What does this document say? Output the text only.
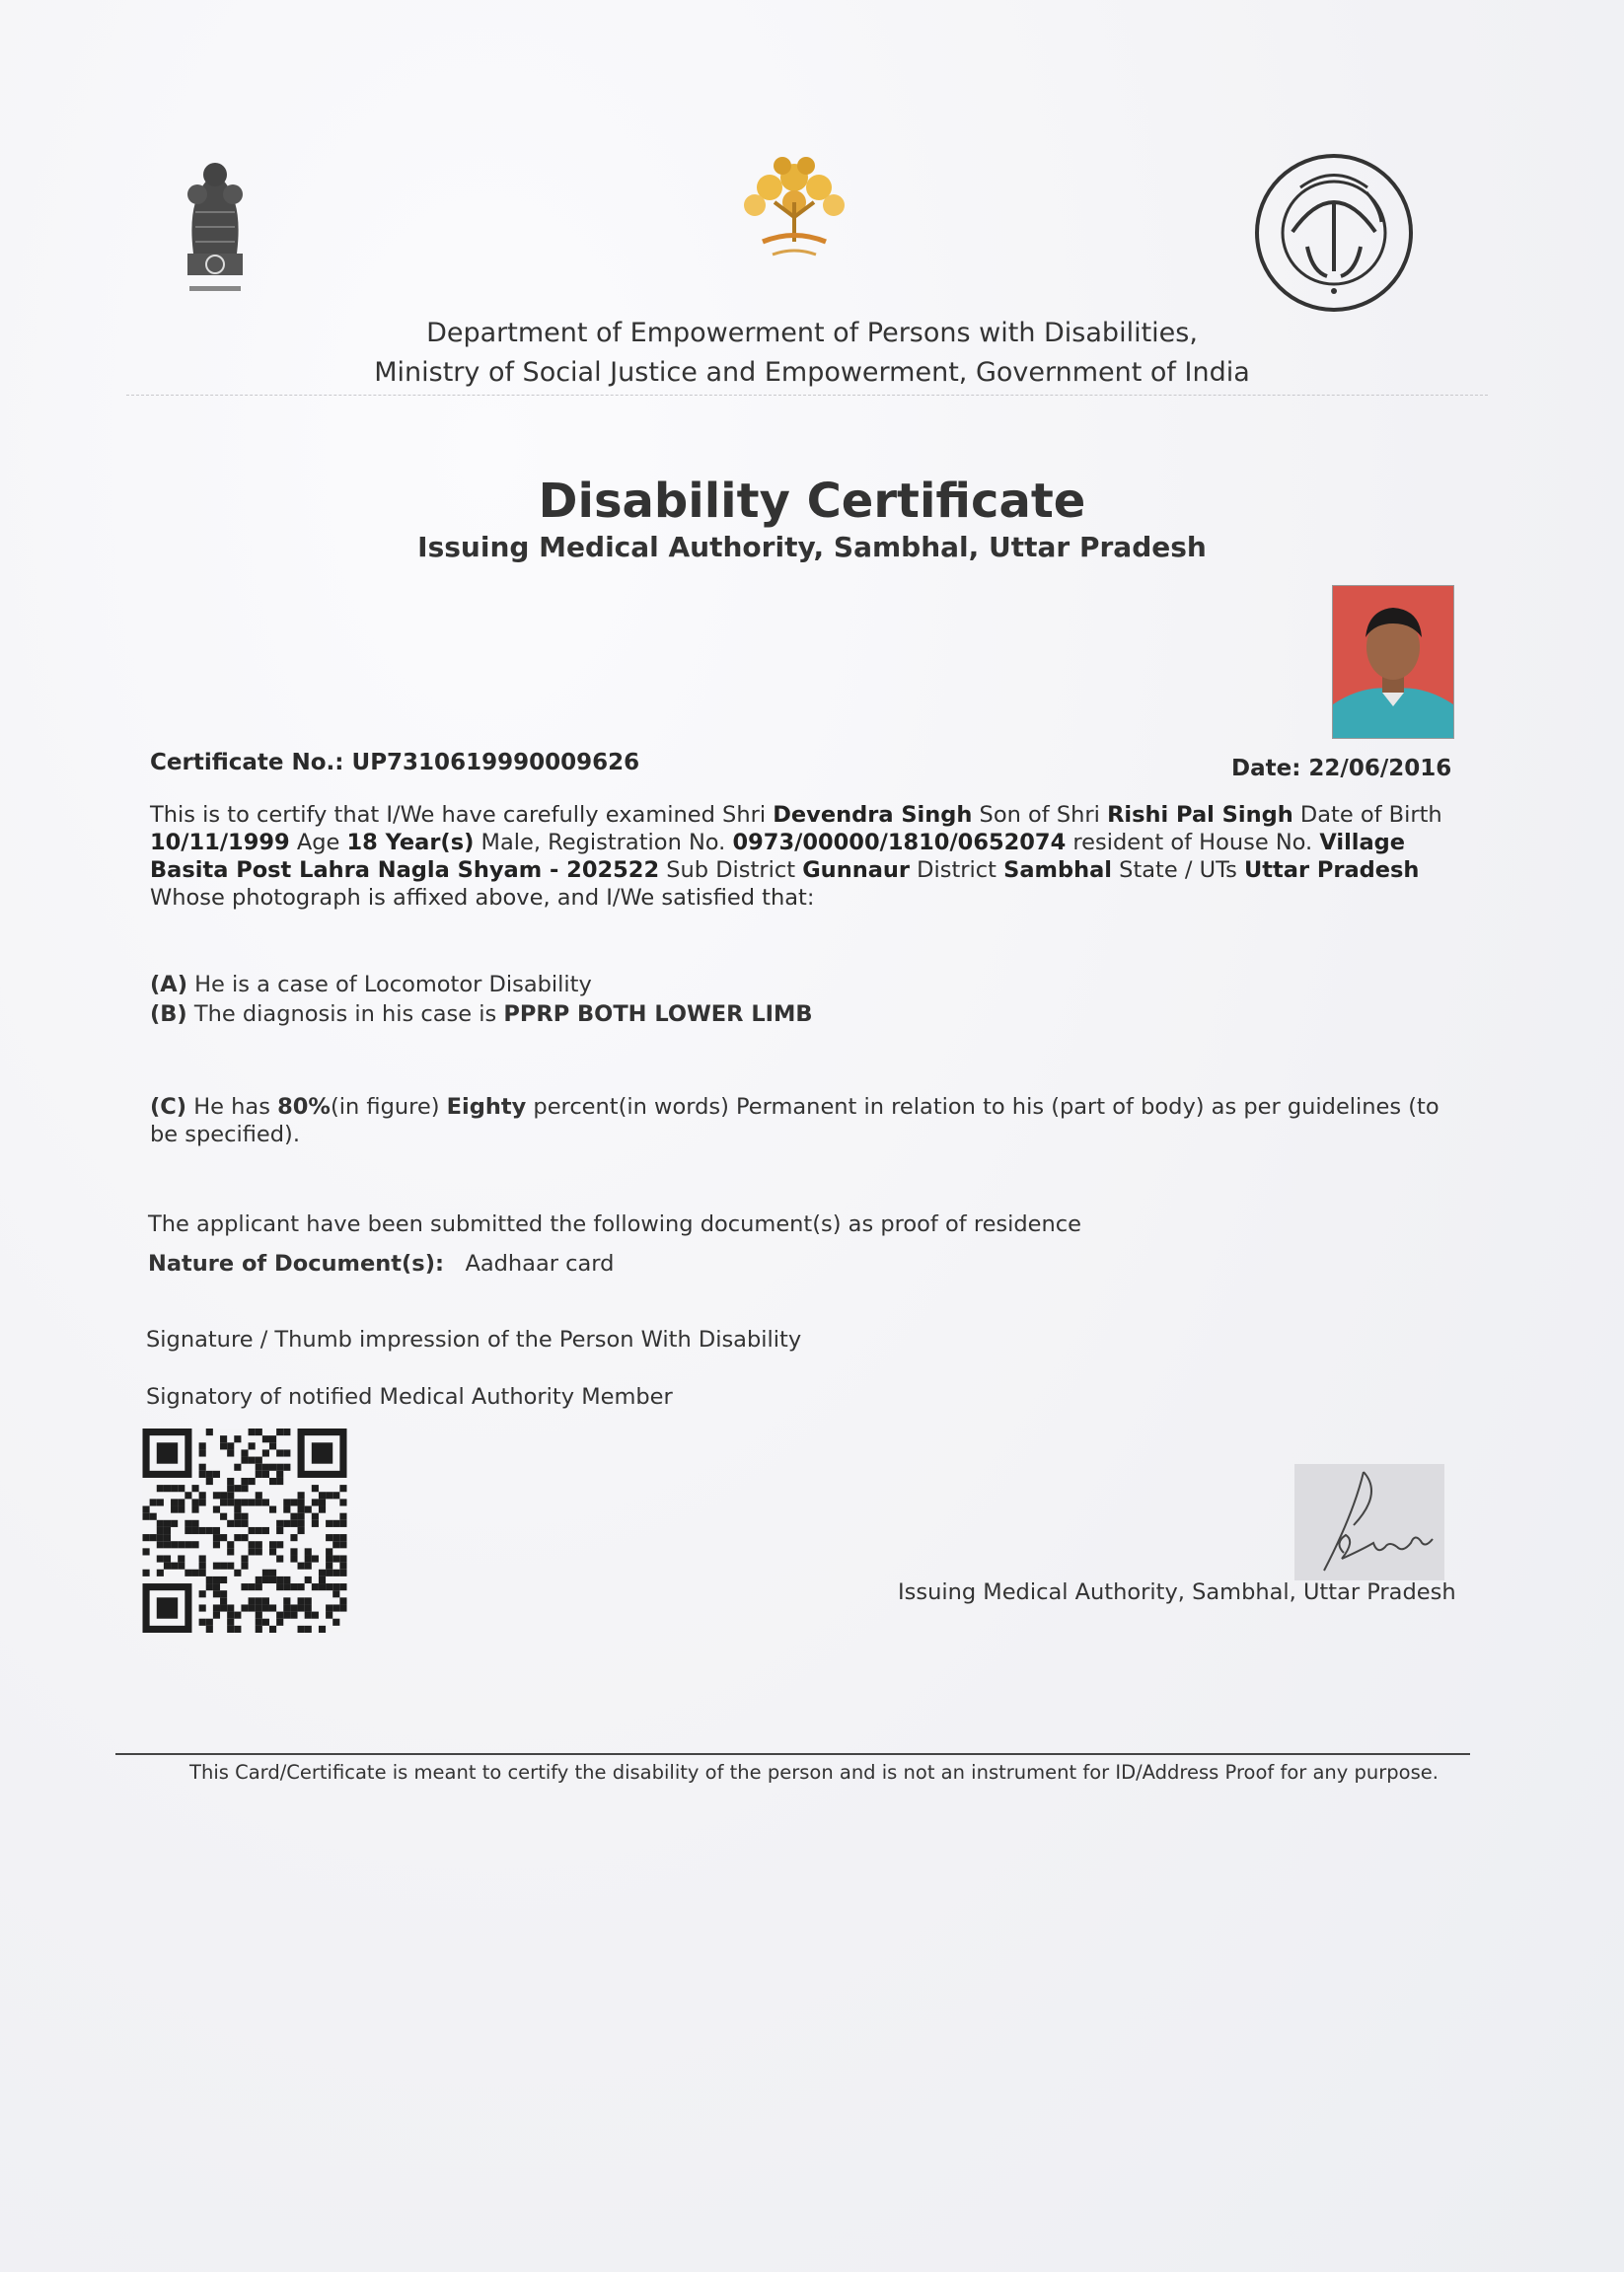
Department of Empowerment of Persons with Disabilities,
Ministry of Social Justice and Empowerment, Government of India
Disability Certificate
Issuing Medical Authority, Sambhal, Uttar Pradesh
Certificate No.: UP7310619990009626	Date: 22/06/2016
This is to certify that I/We have carefully examined Shri Devendra Singh Son of Shri Rishi Pal Singh Date of Birth 10/11/1999 Age 18 Year(s) Male, Registration No. 0973/00000/1810/0652074 resident of House No. Village Basita Post Lahra Nagla Shyam - 202522 Sub District Gunnaur District Sambhal State / UTs Uttar Pradesh Whose photograph is affixed above, and I/We satisfied that:
(A) He is a case of Locomotor Disability
(B) The diagnosis in his case is PPRP BOTH LOWER LIMB
(C) He has 80%(in figure) Eighty percent(in words) Permanent in relation to his (part of body) as per guidelines (to be specified).
The applicant have been submitted the following document(s) as proof of residence
Nature of Document(s): Aadhaar card
Signature / Thumb impression of the Person With Disability
Signatory of notified Medical Authority Member
Issuing Medical Authority, Sambhal, Uttar Pradesh
This Card/Certificate is meant to certify the disability of the person and is not an instrument for ID/Address Proof for any purpose.
